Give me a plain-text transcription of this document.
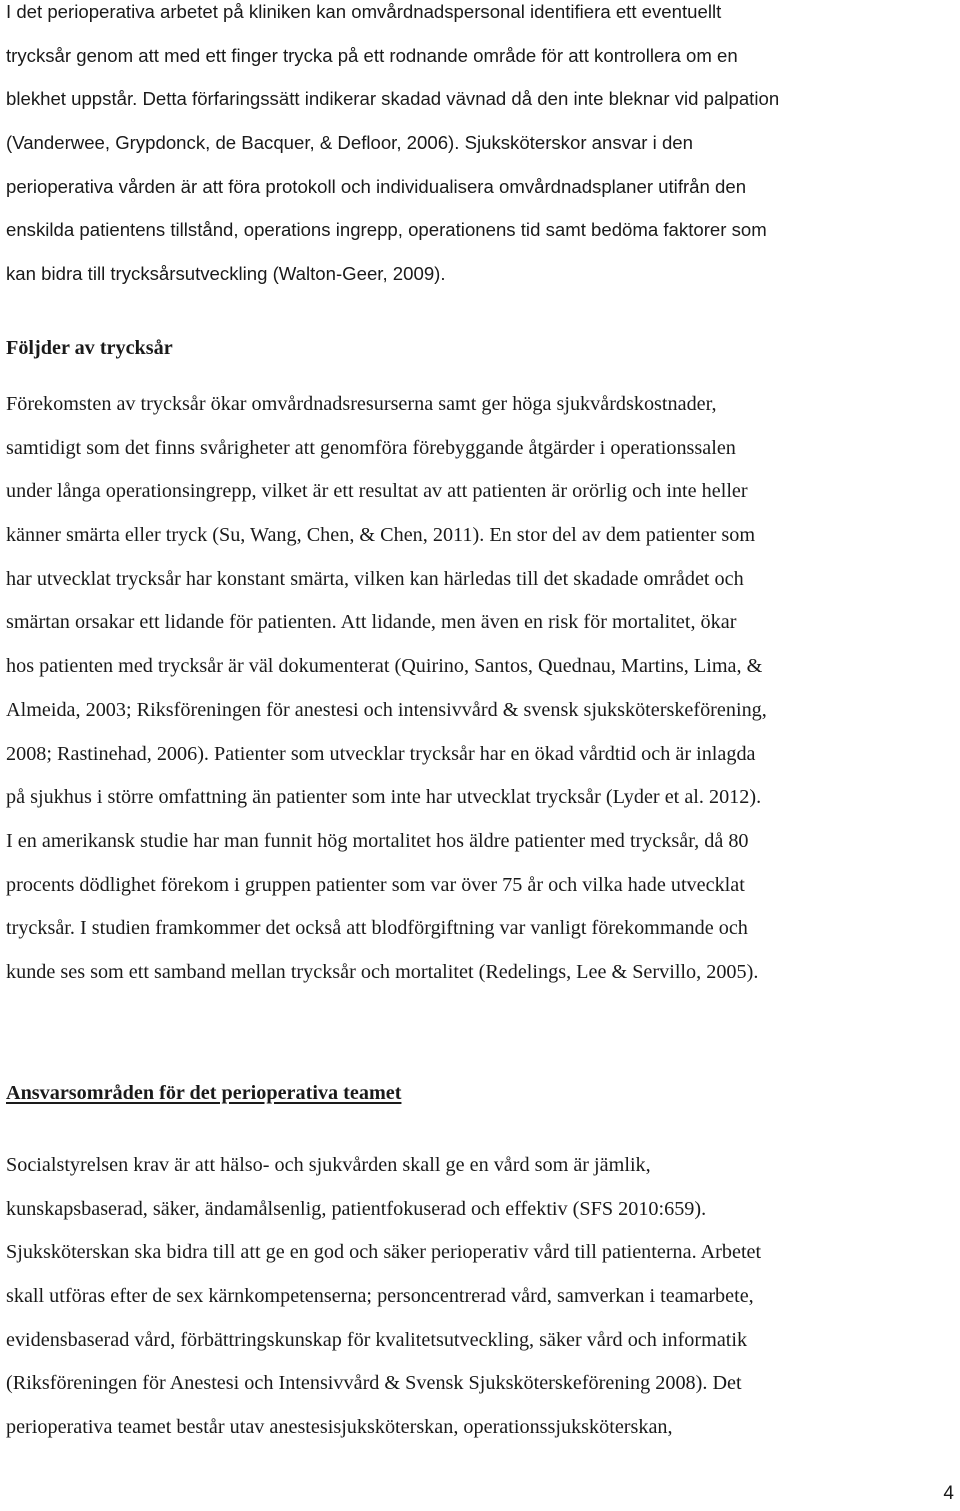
I det perioperativa arbetet på kliniken kan omvårdnadspersonal identifiera ett eventuellt
trycksår genom att med ett finger trycka på ett rodnande område för att kontrollera om en
blekhet uppstår. Detta förfaringssätt indikerar skadad vävnad då den inte bleknar vid palpation
(Vanderwee, Grypdonck, de Bacquer, & Defloor, 2006). Sjuksköterskor ansvar i den
perioperativa vården är att föra protokoll och individualisera omvårdnadsplaner utifrån den
enskilda patientens tillstånd, operations ingrepp, operationens tid samt bedöma faktorer som
kan bidra till trycksårsutveckling (Walton-Geer, 2009).
Följder av trycksår
Förekomsten av trycksår ökar omvårdnadsresurserna samt ger höga sjukvårdskostnader,
samtidigt som det finns svårigheter att genomföra förebyggande åtgärder i operationssalen
under långa operationsingrepp, vilket är ett resultat av att patienten är orörlig och inte heller
känner smärta eller tryck (Su, Wang, Chen, & Chen, 2011). En stor del av dem patienter som
har utvecklat trycksår har konstant smärta, vilken kan härledas till det skadade området och
smärtan orsakar ett lidande för patienten. Att lidande, men även en risk för mortalitet, ökar
hos patienten med trycksår är väl dokumenterat (Quirino, Santos, Quednau, Martins, Lima, &
Almeida, 2003; Riksföreningen för anestesi och intensivvård & svensk sjuksköterskeförening,
2008; Rastinehad, 2006). Patienter som utvecklar trycksår har en ökad vårdtid och är inlagda
på sjukhus i större omfattning än patienter som inte har utvecklat trycksår (Lyder et al. 2012).
I en amerikansk studie har man funnit hög mortalitet hos äldre patienter med trycksår, då 80
procents dödlighet förekom i gruppen patienter som var över 75 år och vilka hade utvecklat
trycksår. I studien framkommer det också att blodförgiftning var vanligt förekommande och
kunde ses som ett samband mellan trycksår och mortalitet (Redelings, Lee & Servillo, 2005).
Ansvarsområden för det perioperativa teamet
Socialstyrelsen krav är att hälso- och sjukvården skall ge en vård som är jämlik,
kunskapsbaserad, säker, ändamålsenlig, patientfokuserad och effektiv (SFS 2010:659).
Sjuksköterskan ska bidra till att ge en god och säker perioperativ vård till patienterna. Arbetet
skall utföras efter de sex kärnkompetenserna; personcentrerad vård, samverkan i teamarbete,
evidensbaserad vård, förbättringskunskap för kvalitetsutveckling, säker vård och informatik
(Riksföreningen för Anestesi och Intensivvård & Svensk Sjuksköterskeförening 2008). Det
perioperativa teamet består utav anestesisjuksköterskan, operationssjuksköterskan,
4
